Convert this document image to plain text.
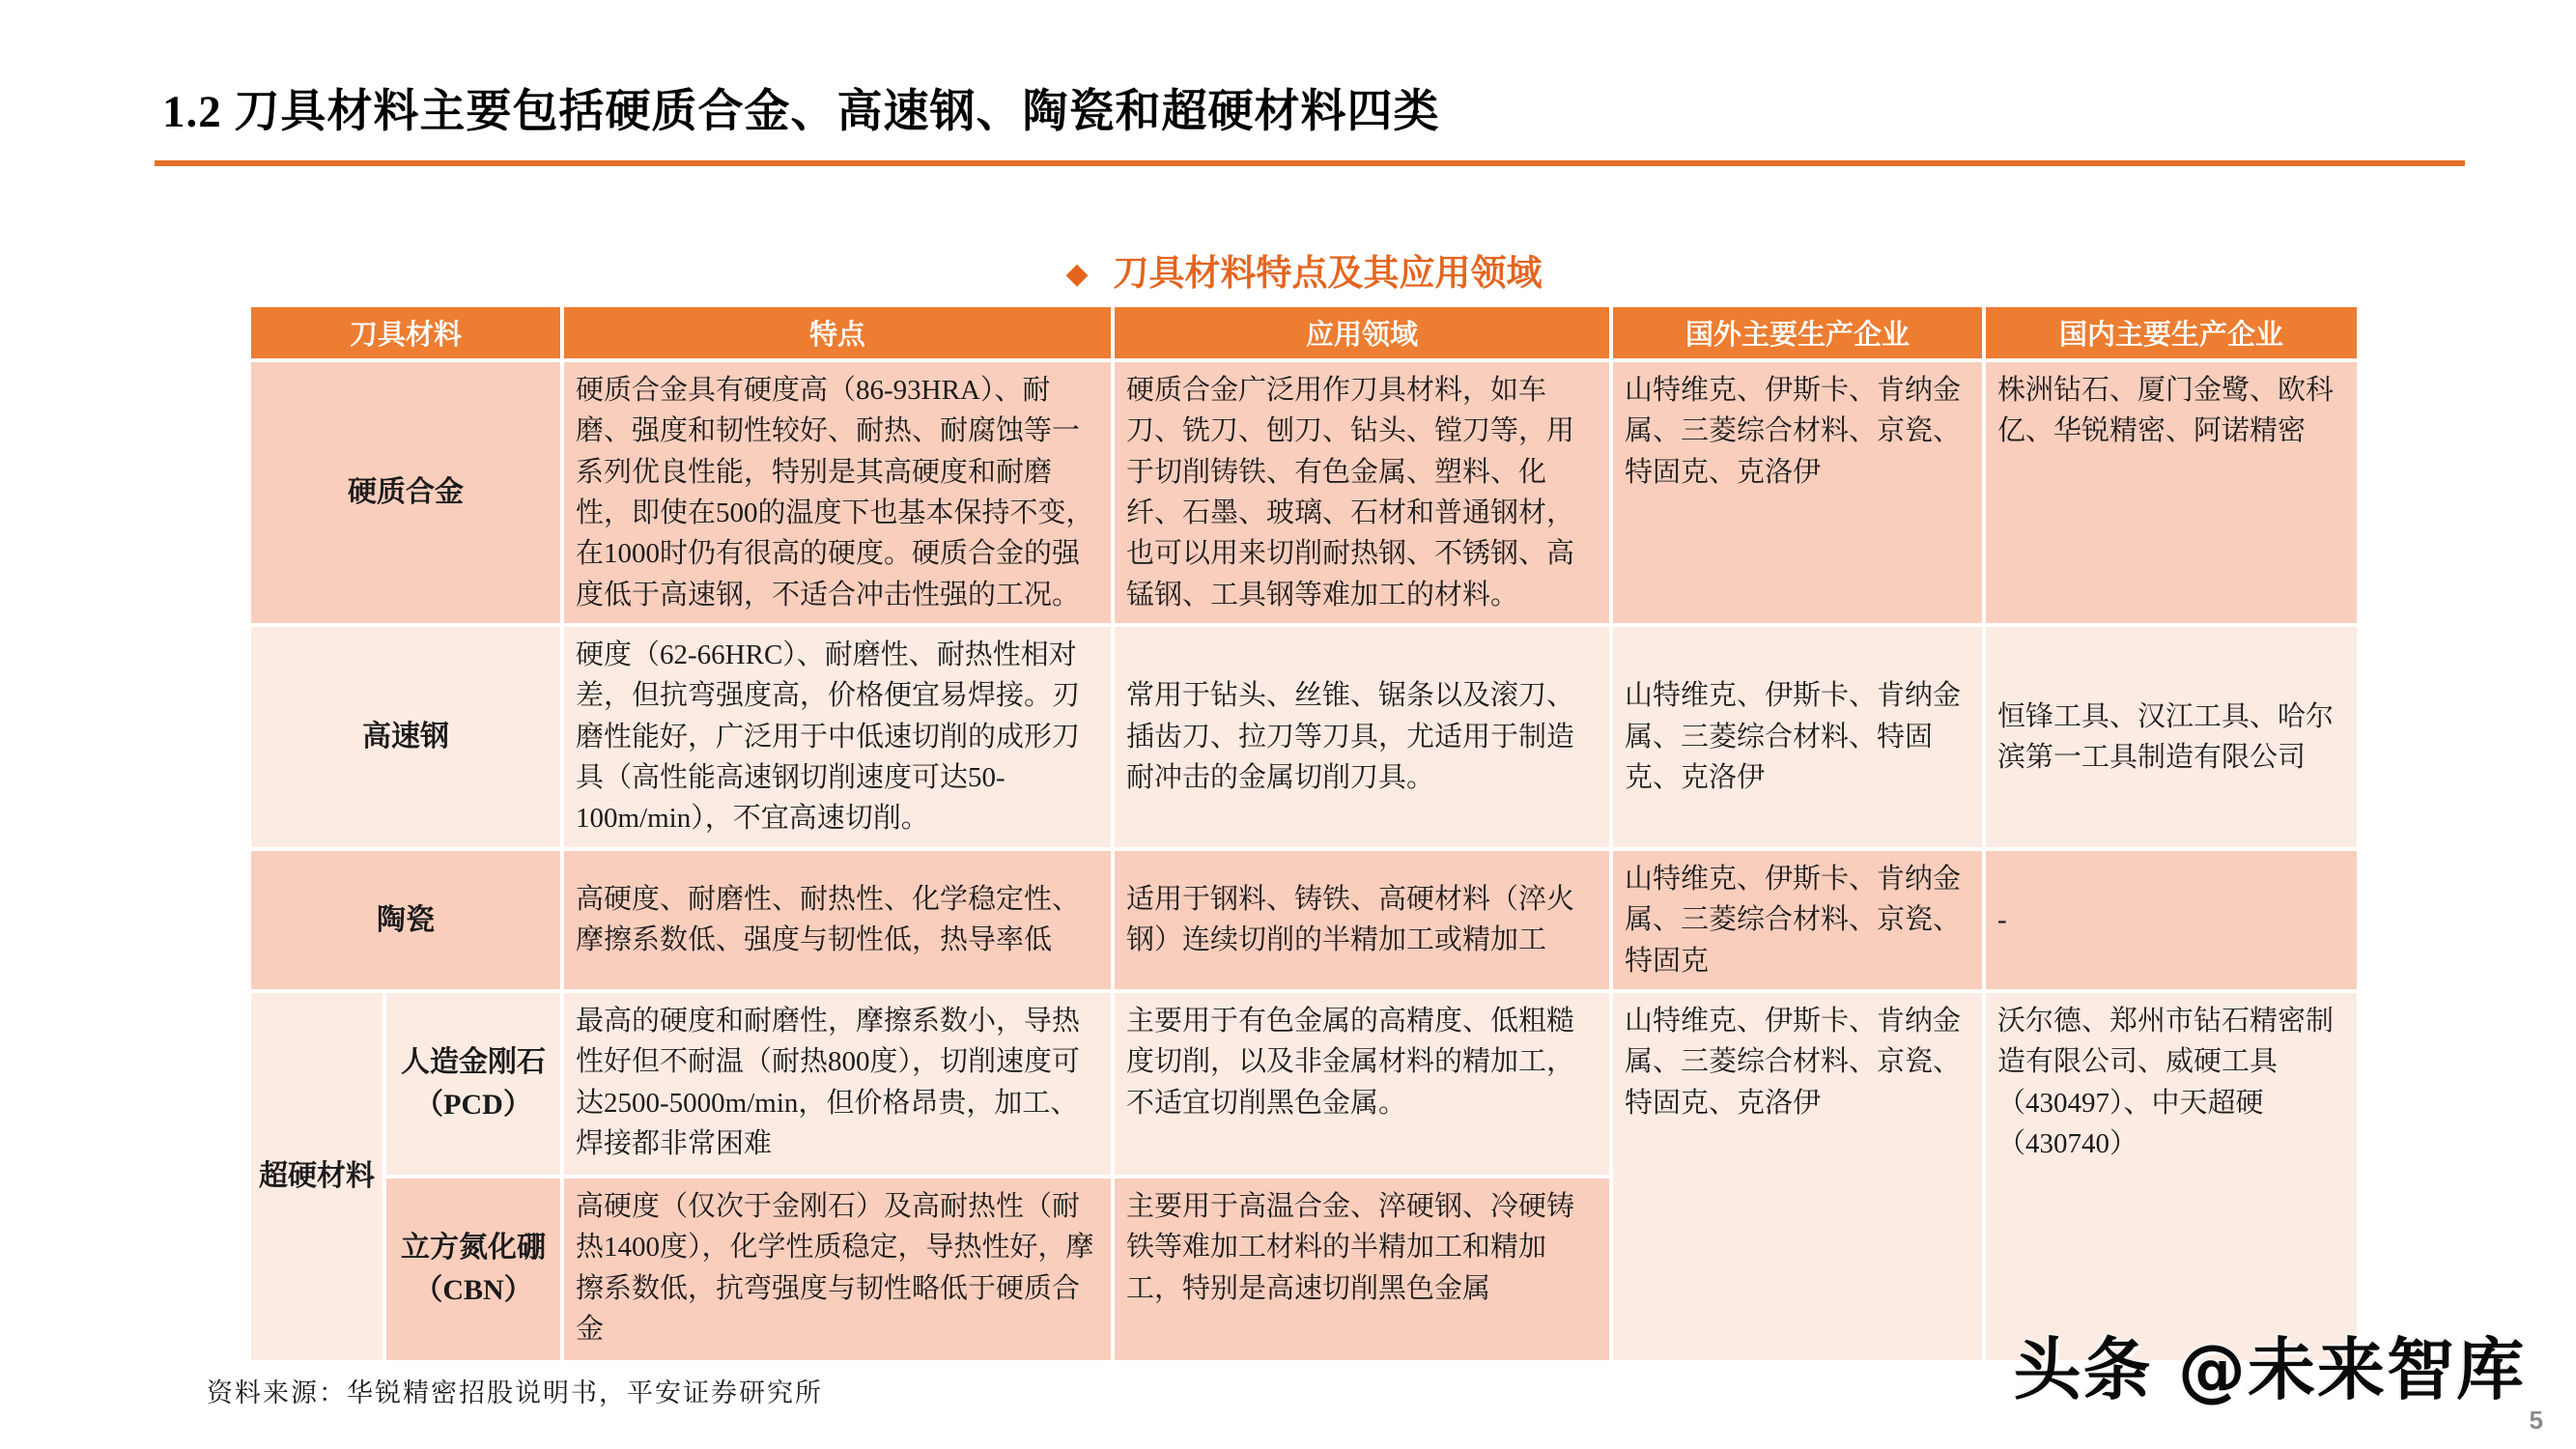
1.2 刀具材料主要包括硬质合金、高速钢、陶瓷和超硬材料四类
◆ 刀具材料特点及其应用领域
刀具材料		特点	应用领域	国外主要生产企业	国内主要生产企业
硬质合金		硬质合金具有硬度高（86-93HRA）、耐磨、强度和韧性较好、耐热、耐腐蚀等一系列优良性能，特别是其高硬度和耐磨性，即使在500的温度下也基本保持不变，在1000时仍有很高的硬度。硬质合金的强度低于高速钢，不适合冲击性强的工况。	硬质合金广泛用作刀具材料，如车刀、铣刀、刨刀、钻头、镗刀等，用于切削铸铁、有色金属、塑料、化纤、石墨、玻璃、石材和普通钢材，也可以用来切削耐热钢、不锈钢、高锰钢、工具钢等难加工的材料。	山特维克、伊斯卡、肯纳金属、三菱综合材料、京瓷、特固克、克洛伊	株洲钻石、厦门金鹭、欧科亿、华锐精密、阿诺精密
高速钢		硬度（62-66HRC）、耐磨性、耐热性相对差，但抗弯强度高，价格便宜易焊接。刃磨性能好，广泛用于中低速切削的成形刀具（高性能高速钢切削速度可达50-100m/min），不宜高速切削。	常用于钻头、丝锥、锯条以及滚刀、插齿刀、拉刀等刀具，尤适用于制造耐冲击的金属切削刀具。	山特维克、伊斯卡、肯纳金属、三菱综合材料、特固克、克洛伊	恒锋工具、汉江工具、哈尔滨第一工具制造有限公司
陶瓷		高硬度、耐磨性、耐热性、化学稳定性、摩擦系数低、强度与韧性低，热导率低	适用于钢料、铸铁、高硬材料（淬火钢）连续切削的半精加工或精加工	山特维克、伊斯卡、肯纳金属、三菱综合材料、京瓷、特固克	-
超硬材料	人造金刚石（PCD）	最高的硬度和耐磨性，摩擦系数小，导热性好但不耐温（耐热800度），切削速度可达2500-5000m/min，但价格昂贵，加工、焊接都非常困难	主要用于有色金属的高精度、低粗糙度切削，以及非金属材料的精加工，不适宜切削黑色金属。	山特维克、伊斯卡、肯纳金属、三菱综合材料、京瓷、特固克、克洛伊	沃尔德、郑州市钻石精密制造有限公司、威硬工具（430497）、中天超硬（430740）
	立方氮化硼（CBN）	高硬度（仅次于金刚石）及高耐热性（耐热1400度），化学性质稳定，导热性好，摩擦系数低，抗弯强度与韧性略低于硬质合金	主要用于高温合金、淬硬钢、冷硬铸铁等难加工材料的半精加工和精加工，特别是高速切削黑色金属		
资料来源：华锐精密招股说明书，平安证券研究所	头条 @未来智库
5
